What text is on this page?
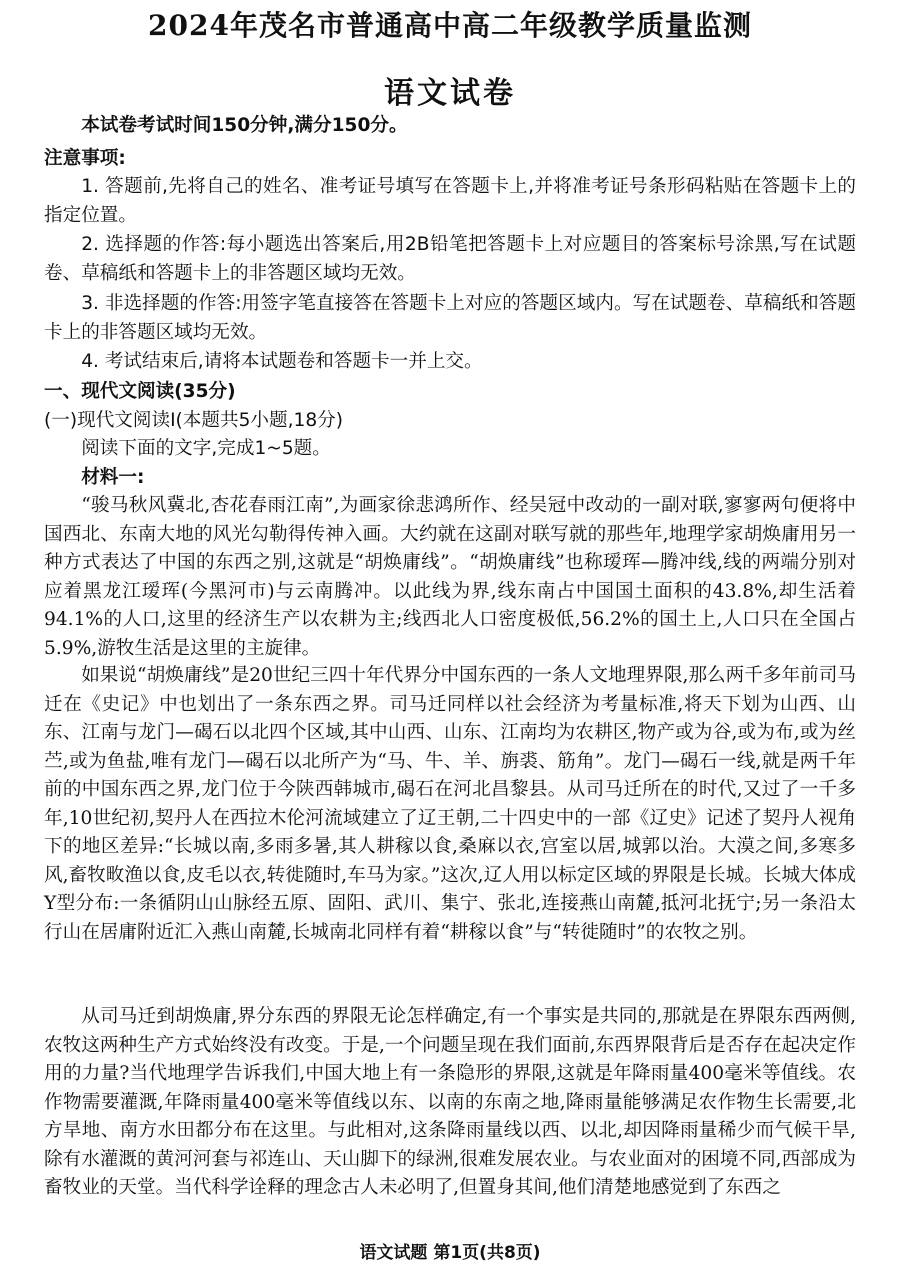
2024年茂名市普通高中高二年级教学质量监测
语文试卷

本试卷考试时间150分钟,满分150分。

注意事项:

1. 答题前,先将自己的姓名、准考证号填写在答题卡上,并将准考证号条形码粘贴在答题卡上的指定位置。

2. 选择题的作答:每小题选出答案后,用2B铅笔把答题卡上对应题目的答案标号涂黑,写在试题卷、草稿纸和答题卡上的非答题区域均无效。

3. 非选择题的作答:用签字笔直接答在答题卡上对应的答题区域内。写在试题卷、草稿纸和答题卡上的非答题区域均无效。

4. 考试结束后,请将本试题卷和答题卡一并上交。

一、现代文阅读(35分)

(一)现代文阅读Ⅰ(本题共5小题,18分)

阅读下面的文字,完成1~5题。

材料一:

“骏马秋风冀北,杏花春雨江南”,为画家徐悲鸿所作、经吴冠中改动的一副对联,寥寥两句便将中国西北、东南大地的风光勾勒得传神入画。大约就在这副对联写就的那些年,地理学家胡焕庸用另一种方式表达了中国的东西之别,这就是“胡焕庸线”。“胡焕庸线”也称瑷珲—腾冲线,线的两端分别对应着黑龙江瑷珲(今黑河市)与云南腾冲。以此线为界,线东南占中国国土面积的43.8%,却生活着94.1%的人口,这里的经济生产以农耕为主;线西北人口密度极低,56.2%的国土上,人口只在全国占5.9%,游牧生活是这里的主旋律。

如果说“胡焕庸线”是20世纪三四十年代界分中国东西的一条人文地理界限,那么两千多年前司马迁在《史记》中也划出了一条东西之界。司马迁同样以社会经济为考量标准,将天下划为山西、山东、江南与龙门—碣石以北四个区域,其中山西、山东、江南均为农耕区,物产或为谷,或为布,或为丝苎,或为鱼盐,唯有龙门—碣石以北所产为“马、牛、羊、旃裘、筋角”。龙门—碣石一线,就是两千年前的中国东西之界,龙门位于今陕西韩城市,碣石在河北昌黎县。从司马迁所在的时代,又过了一千多年,10世纪初,契丹人在西拉木伦河流域建立了辽王朝,二十四史中的一部《辽史》记述了契丹人视角下的地区差异:“长城以南,多雨多暑,其人耕稼以食,桑麻以衣,宫室以居,城郭以治。大漠之间,多寒多风,畜牧畋渔以食,皮毛以衣,转徙随时,车马为家。”这次,辽人用以标定区域的界限是长城。长城大体成Y型分布:一条循阴山山脉经五原、固阳、武川、集宁、张北,连接燕山南麓,抵河北抚宁;另一条沿太行山在居庸附近汇入燕山南麓,长城南北同样有着“耕稼以食”与“转徙随时”的农牧之别。

从司马迁到胡焕庸,界分东西的界限无论怎样确定,有一个事实是共同的,那就是在界限东西两侧,农牧这两种生产方式始终没有改变。于是,一个问题呈现在我们面前,东西界限背后是否存在起决定作用的力量?当代地理学告诉我们,中国大地上有一条隐形的界限,这就是年降雨量400毫米等值线。农作物需要灌溉,年降雨量400毫米等值线以东、以南的东南之地,降雨量能够满足农作物生长需要,北方旱地、南方水田都分布在这里。与此相对,这条降雨量线以西、以北,却因降雨量稀少而气候干旱,除有水灌溉的黄河河套与祁连山、天山脚下的绿洲,很难发展农业。与农业面对的困境不同,西部成为畜牧业的天堂。当代科学诠释的理念古人未必明了,但置身其间,他们清楚地感觉到了东西之

语文试题 第1页(共8页)
